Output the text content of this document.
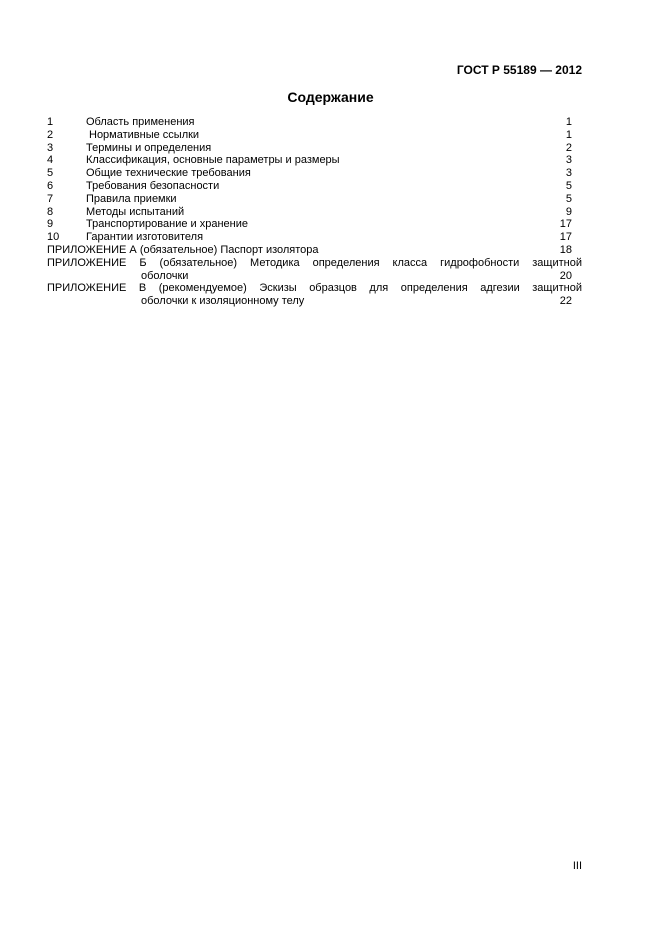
ГОСТ Р 55189 — 2012
Содержание
1	Область применения	1
2	Нормативные ссылки	1
3	Термины и определения	2
4	Классификация, основные параметры и размеры	3
5	Общие технические требования	3
6	Требования безопасности	5
7	Правила приемки	5
8	Методы испытаний	9
9	Транспортирование и хранение	17
10 Гарантии изготовителя	17
ПРИЛОЖЕНИЕ А (обязательное) Паспорт изолятора	18
ПРИЛОЖЕНИЕ Б (обязательное) Методика определения класса гидрофобности защитной
оболочки	20
ПРИЛОЖЕНИЕ В (рекомендуемое) Эскизы образцов для определения адгезии защитной
оболочки к изоляционному телу	22
III
